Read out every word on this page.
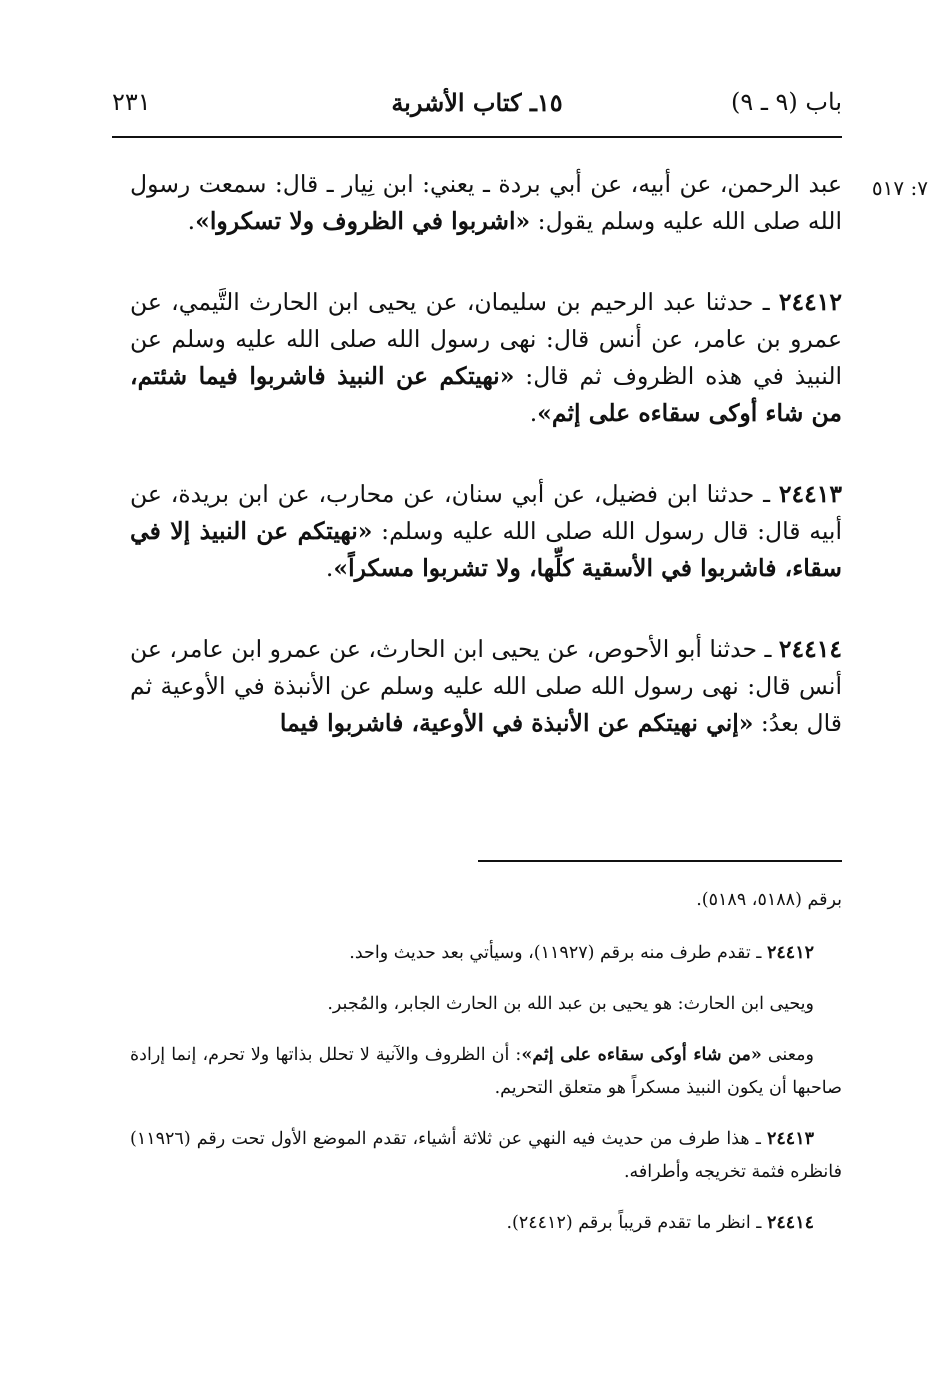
باب (٩ ـ ٩)
١٥ـ كتاب الأشربة
٢٣١
٧: ٥١٧

عبد الرحمن، عن أبيه، عن أبي بردة ـ يعني: ابن نِيار ـ قال: سمعت رسول الله صلى الله عليه وسلم يقول: «اشربوا في الظروف ولا تسكروا».

٢٤٤١٢ ـ حدثنا عبد الرحيم بن سليمان، عن يحيى ابن الحارث التَّيمي، عن عمرو بن عامر، عن أنس قال: نهى رسول الله صلى الله عليه وسلم عن النبيذ في هذه الظروف ثم قال: «نهيتكم عن النبيذ فاشربوا فيما شئتم، من شاء أوكى سقاءه على إثم».

٢٤٤١٣ ـ حدثنا ابن فضيل، عن أبي سنان، عن محارب، عن ابن بريدة، عن أبيه قال: قال رسول الله صلى الله عليه وسلم: «نهيتكم عن النبيذ إلا في سقاء، فاشربوا في الأسقية كلِّها، ولا تشربوا مسكراً».

٢٤٤١٤ ـ حدثنا أبو الأحوص، عن يحيى ابن الحارث، عن عمرو ابن عامر، عن أنس قال: نهى رسول الله صلى الله عليه وسلم عن الأنبذة في الأوعية ثم قال بعدُ: «إني نهيتكم عن الأنبذة في الأوعية، فاشربوا فيما

برقم (٥١٨٨، ٥١٨٩).

٢٤٤١٢ ـ تقدم طرف منه برقم (١١٩٢٧)، وسيأتي بعد حديث واحد.

ويحيى ابن الحارث: هو يحيى بن عبد الله بن الحارث الجابر، والمُجبر.

ومعنى «من شاء أوكى سقاءه على إثم»: أن الظروف والآنية لا تحلل بذاتها ولا تحرم، إنما إرادة صاحبها أن يكون النبيذ مسكراً هو متعلق التحريم.

٢٤٤١٣ ـ هذا طرف من حديث فيه النهي عن ثلاثة أشياء، تقدم الموضع الأول تحت رقم (١١٩٢٦) فانظره فثمة تخريجه وأطرافه.

٢٤٤١٤ ـ انظر ما تقدم قريباً برقم (٢٤٤١٢).
